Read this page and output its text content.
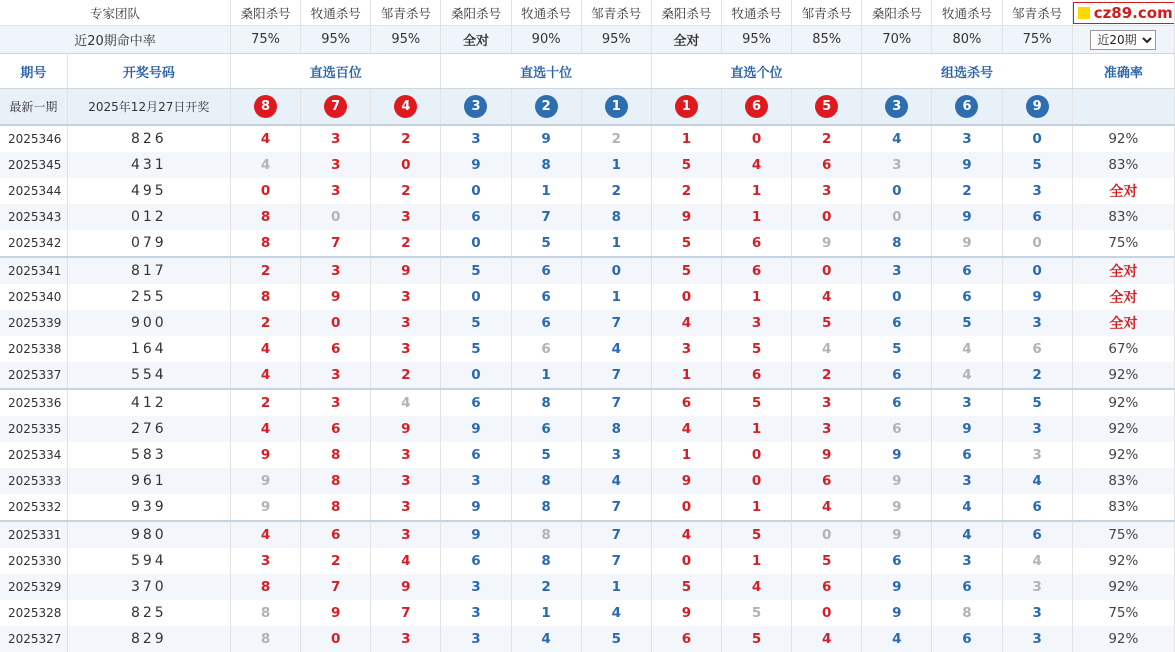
专家团队		桑阳杀号	牧通杀号	邹青杀号	桑阳杀号	牧通杀号	邹青杀号	桑阳杀号	牧通杀号	邹青杀号	桑阳杀号	牧通杀号	邹青杀号	cz89.com

近20期命中率		75%	95%	95%	全对	90%	95%	全对	95%	85%	70%	80%	75%	
近20期
期号	开奖号码	直选百位			直选十位			直选个位			组选杀号			准确率
最新一期	2025年12月27日开奖	8	7	4	3	2	1	1	6	5	3	6	9	
2025346	826	4	3	2	3	9	2	1	0	2	4	3	0	92%
2025345	431	4	3	0	9	8	1	5	4	6	3	9	5	83%
2025344	495	0	3	2	0	1	2	2	1	3	0	2	3	全对
2025343	012	8	0	3	6	7	8	9	1	0	0	9	6	83%
2025342	079	8	7	2	0	5	1	5	6	9	8	9	0	75%
2025341	817	2	3	9	5	6	0	5	6	0	3	6	0	全对
2025340	255	8	9	3	0	6	1	0	1	4	0	6	9	全对
2025339	900	2	0	3	5	6	7	4	3	5	6	5	3	全对
2025338	164	4	6	3	5	6	4	3	5	4	5	4	6	67%
2025337	554	4	3	2	0	1	7	1	6	2	6	4	2	92%
2025336	412	2	3	4	6	8	7	6	5	3	6	3	5	92%
2025335	276	4	6	9	9	6	8	4	1	3	6	9	3	92%
2025334	583	9	8	3	6	5	3	1	0	9	9	6	3	92%
2025333	961	9	8	3	3	8	4	9	0	6	9	3	4	83%
2025332	939	9	8	3	9	8	7	0	1	4	9	4	6	83%
2025331	980	4	6	3	9	8	7	4	5	0	9	4	6	75%
2025330	594	3	2	4	6	8	7	0	1	5	6	3	4	92%
2025329	370	8	7	9	3	2	1	5	4	6	9	6	3	92%
2025328	825	8	9	7	3	1	4	9	5	0	9	8	3	75%
2025327	829	8	0	3	3	4	5	6	5	4	4	6	3	92%
